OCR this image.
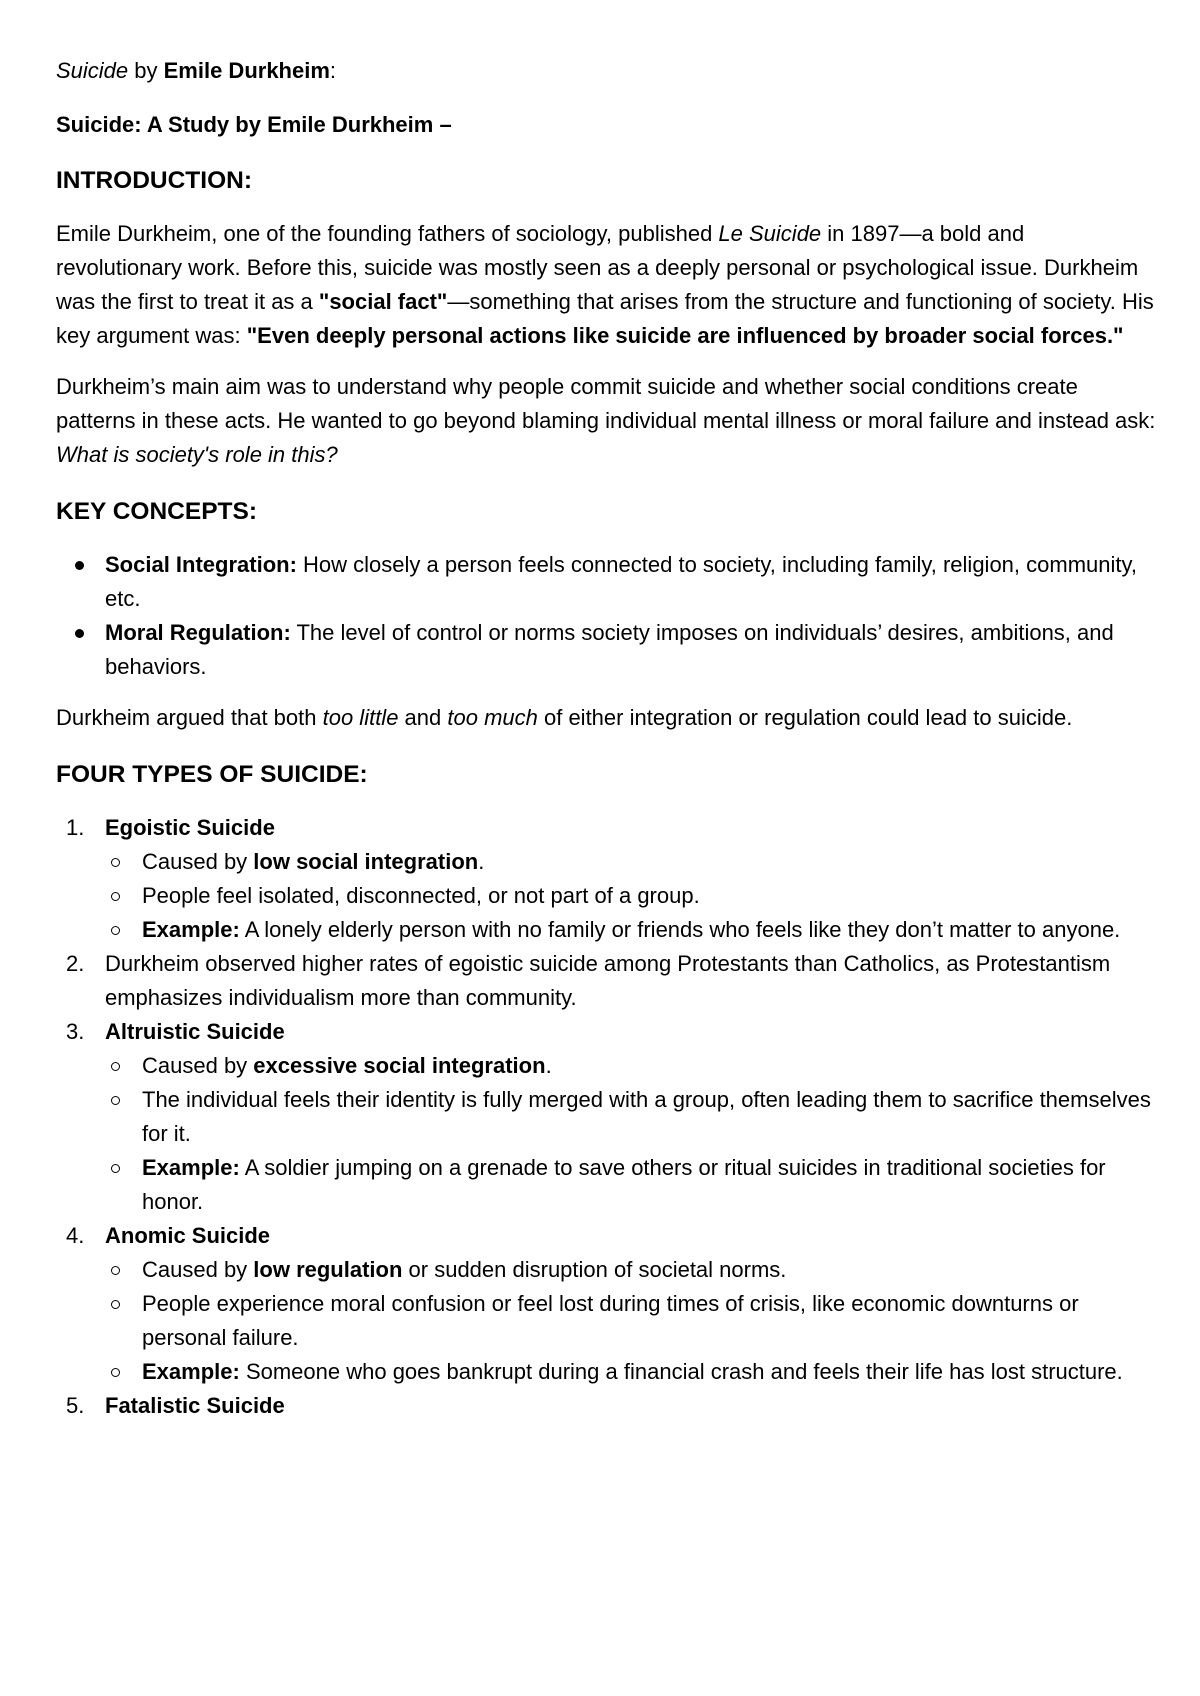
Suicide by Emile Durkheim:

Suicide: A Study by Emile Durkheim –

INTRODUCTION:

Emile Durkheim, one of the founding fathers of sociology, published Le Suicide in 1897—a bold and revolutionary work. Before this, suicide was mostly seen as a deeply personal or psychological issue. Durkheim was the first to treat it as a "social fact"—something that arises from the structure and functioning of society. His key argument was: "Even deeply personal actions like suicide are influenced by broader social forces."

Durkheim’s main aim was to understand why people commit suicide and whether social conditions create patterns in these acts. He wanted to go beyond blaming individual mental illness or moral failure and instead ask: What is society's role in this?

KEY CONCEPTS:

Social Integration: How closely a person feels connected to society, including family, religion, community, etc.
Moral Regulation: The level of control or norms society imposes on individuals’ desires, ambitions, and behaviors.

Durkheim argued that both too little and too much of either integration or regulation could lead to suicide.

FOUR TYPES OF SUICIDE:

1. Egoistic Suicide
Caused by low social integration.
People feel isolated, disconnected, or not part of a group.
Example: A lonely elderly person with no family or friends who feels like they don’t matter to anyone.
2. Durkheim observed higher rates of egoistic suicide among Protestants than Catholics, as Protestantism emphasizes individualism more than community.
3. Altruistic Suicide
Caused by excessive social integration.
The individual feels their identity is fully merged with a group, often leading them to sacrifice themselves for it.
Example: A soldier jumping on a grenade to save others or ritual suicides in traditional societies for honor.
4. Anomic Suicide
Caused by low regulation or sudden disruption of societal norms.
People experience moral confusion or feel lost during times of crisis, like economic downturns or personal failure.
Example: Someone who goes bankrupt during a financial crash and feels their life has lost structure.
5. Fatalistic Suicide
